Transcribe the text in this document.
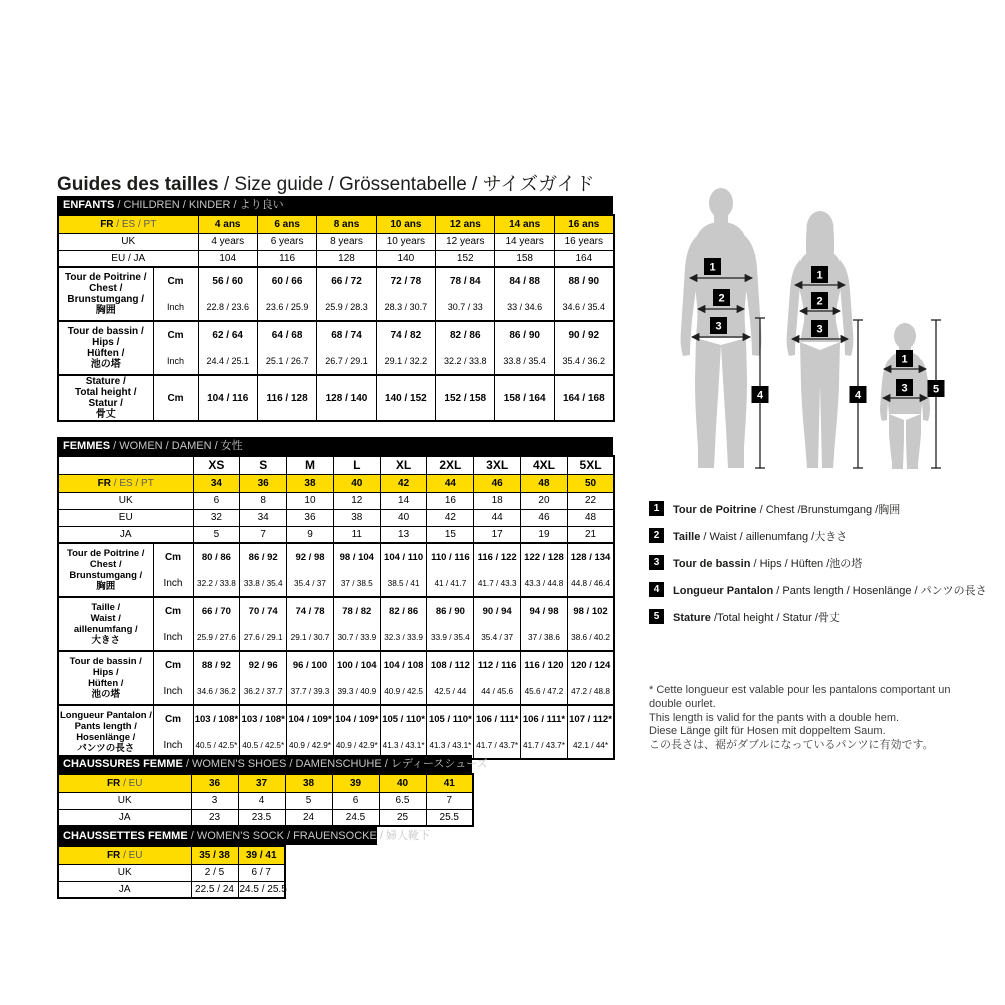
Guides des tailles / Size guide / Grössentabelle / サイズガイド
ENFANTS / CHILDREN / KINDER / より良い
FR / ES / PT		4 ans	6 ans	8 ans	10 ans	12 ans	14 ans	16 ans
UK		4 years	6 years	8 years	10 years	12 years	14 years	16 years
EU / JA		104	116	128	140	152	158	164

Tour de Poitrine /
Chest /
Brunstumgang /
胸囲	Cm	56 / 60	60 / 66	66 / 72	72 / 78	78 / 84	84 / 88	88 / 90
	Inch	22.8 / 23.6	23.6 / 25.9	25.9 / 28.3	28.3 / 30.7	30.7 / 33	33 / 34.6	34.6 / 35.4

Tour de bassin /
Hips /
Hüften /
池の塔	Cm	62 / 64	64 / 68	68 / 74	74 / 82	82 / 86	86 / 90	90 / 92
	Inch	24.4 / 25.1	25.1 / 26.7	26.7 / 29.1	29.1 / 32.2	32.2 / 33.8	33.8 / 35.4	35.4 / 36.2

Stature /
Total height /
Statur /
骨丈	Cm	104 / 116	116 / 128	128 / 140	140 / 152	152 / 158	158 / 164	164 / 168
FEMMES / WOMEN / DAMEN / 女性
		XS	S	M	L	XL	2XL	3XL	4XL	5XL
FR / ES / PT		34	36	38	40	42	44	46	48	50
UK		6	8	10	12	14	16	18	20	22
EU		32	34	36	38	40	42	44	46	48
JA		5	7	9	11	13	15	17	19	21

Tour de Poitrine /
Chest /
Brunstumgang /
胸囲	Cm	80 / 86	86 / 92	92 / 98	98 / 104	104 / 110	110 / 116	116 / 122	122 / 128	128 / 134
	Inch	32.2 / 33.8	33.8 / 35.4	35.4 / 37	37 / 38.5	38.5 / 41	41 / 41.7	41.7 / 43.3	43.3 / 44.8	44.8 / 46.4

Taille /
Waist /
aillenumfang /
大きさ	Cm	66 / 70	70 / 74	74 / 78	78 / 82	82 / 86	86 / 90	90 / 94	94 / 98	98 / 102
	Inch	25.9 / 27.6	27.6 / 29.1	29.1 / 30.7	30.7 / 33.9	32.3 / 33.9	33.9 / 35.4	35.4 / 37	37 / 38.6	38.6 / 40.2

Tour de bassin /
Hips /
Hüften /
池の塔	Cm	88 / 92	92 / 96	96 / 100	100 / 104	104 / 108	108 / 112	112 / 116	116 / 120	120 / 124
	Inch	34.6 / 36.2	36.2 / 37.7	37.7 / 39.3	39.3 / 40.9	40.9 / 42.5	42.5 / 44	44 / 45.6	45.6 / 47.2	47.2 / 48.8

Longueur Pantalon /
Pants length /
Hosenlänge /
パンツの長さ	Cm	103 / 108*	103 / 108*	104 / 109*	104 / 109*	105 / 110*	105 / 110*	106 / 111*	106 / 111*	107 / 112*
	Inch	40.5 / 42.5*	40.5 / 42.5*	40.9 / 42.9*	40.9 / 42.9*	41.3 / 43.1*	41.3 / 43.1*	41.7 / 43.7*	41.7 / 43.7*	42.1 / 44*
CHAUSSURES FEMME / WOMEN'S SHOES / DAMENSCHUHE / レディースシューズ
FR / EU	36	37	38	39	40	41
UK	3	4	5	6	6.5	7
JA	23	23.5	24	24.5	25	25.5
CHAUSSETTES FEMME / WOMEN'S SOCK / FRAUENSOCKE / 婦人靴下
FR / EU	35 / 38	39 / 41
UK	2 / 5	6 / 7
JA	22.5 / 24	24.5 / 25.5
1
2
3
4
1
2
3
4
1
3 5
1	Tour de Poitrine / Chest /Brunstumgang /胸囲
2	Taille / Waist / aillenumfang /大きさ
3	Tour de bassin / Hips / Hüften /池の塔
4	Longueur Pantalon / Pants length / Hosenlänge / パンツの長さ
5	Stature /Total height / Statur /骨丈
* Cette longueur est valable pour les pantalons comportant un
double ourlet.
This length is valid for the pants with a double hem.
Diese Länge gilt für Hosen mit doppeltem Saum.
この長さは、裾がダブルになっているパンツに有効です。
